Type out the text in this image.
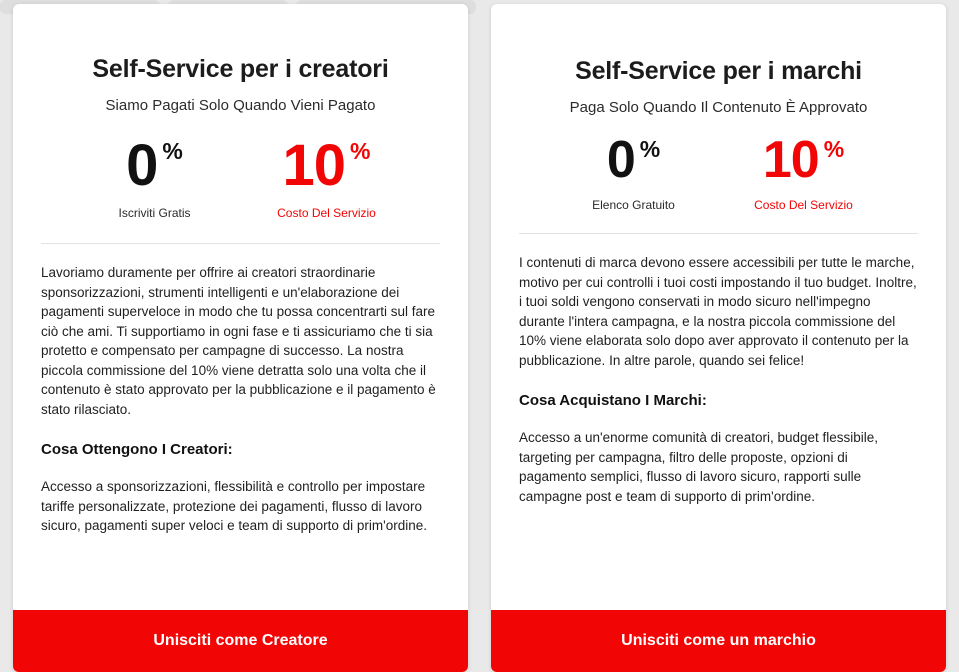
Self-Service per i creatori

Siamo Pagati Solo Quando Vieni Pagato

0 %
Iscriviti Gratis
10 %
Costo Del Servizio

Lavoriamo duramente per offrire ai creatori straordinarie sponsorizzazioni, strumenti intelligenti e un'elaborazione dei pagamenti superveloce in modo che tu possa concentrarti sul fare ciò che ami. Ti supportiamo in ogni fase e ti assicuriamo che ti sia protetto e compensato per campagne di successo. La nostra piccola commissione del 10% viene detratta solo una volta che il contenuto è stato approvato per la pubblicazione e il pagamento è stato rilasciato.

Cosa Ottengono I Creatori:

Accesso a sponsorizzazioni, flessibilità e controllo per impostare tariffe personalizzate, protezione dei pagamenti, flusso di lavoro sicuro, pagamenti super veloci e team di supporto di prim'ordine.

Unisciti come Creatore
Self-Service per i marchi

Paga Solo Quando Il Contenuto È Approvato

0 %
Elenco Gratuito
10 %
Costo Del Servizio

I contenuti di marca devono essere accessibili per tutte le marche, motivo per cui controlli i tuoi costi impostando il tuo budget. Inoltre, i tuoi soldi vengono conservati in modo sicuro nell'impegno durante l'intera campagna, e la nostra piccola commissione del 10% viene elaborata solo dopo aver approvato il contenuto per la pubblicazione. In altre parole, quando sei felice!

Cosa Acquistano I Marchi:

Accesso a un'enorme comunità di creatori, budget flessibile, targeting per campagna, filtro delle proposte, opzioni di pagamento semplici, flusso di lavoro sicuro, rapporti sulle campagne post e team di supporto di prim'ordine.

Unisciti come un marchio
